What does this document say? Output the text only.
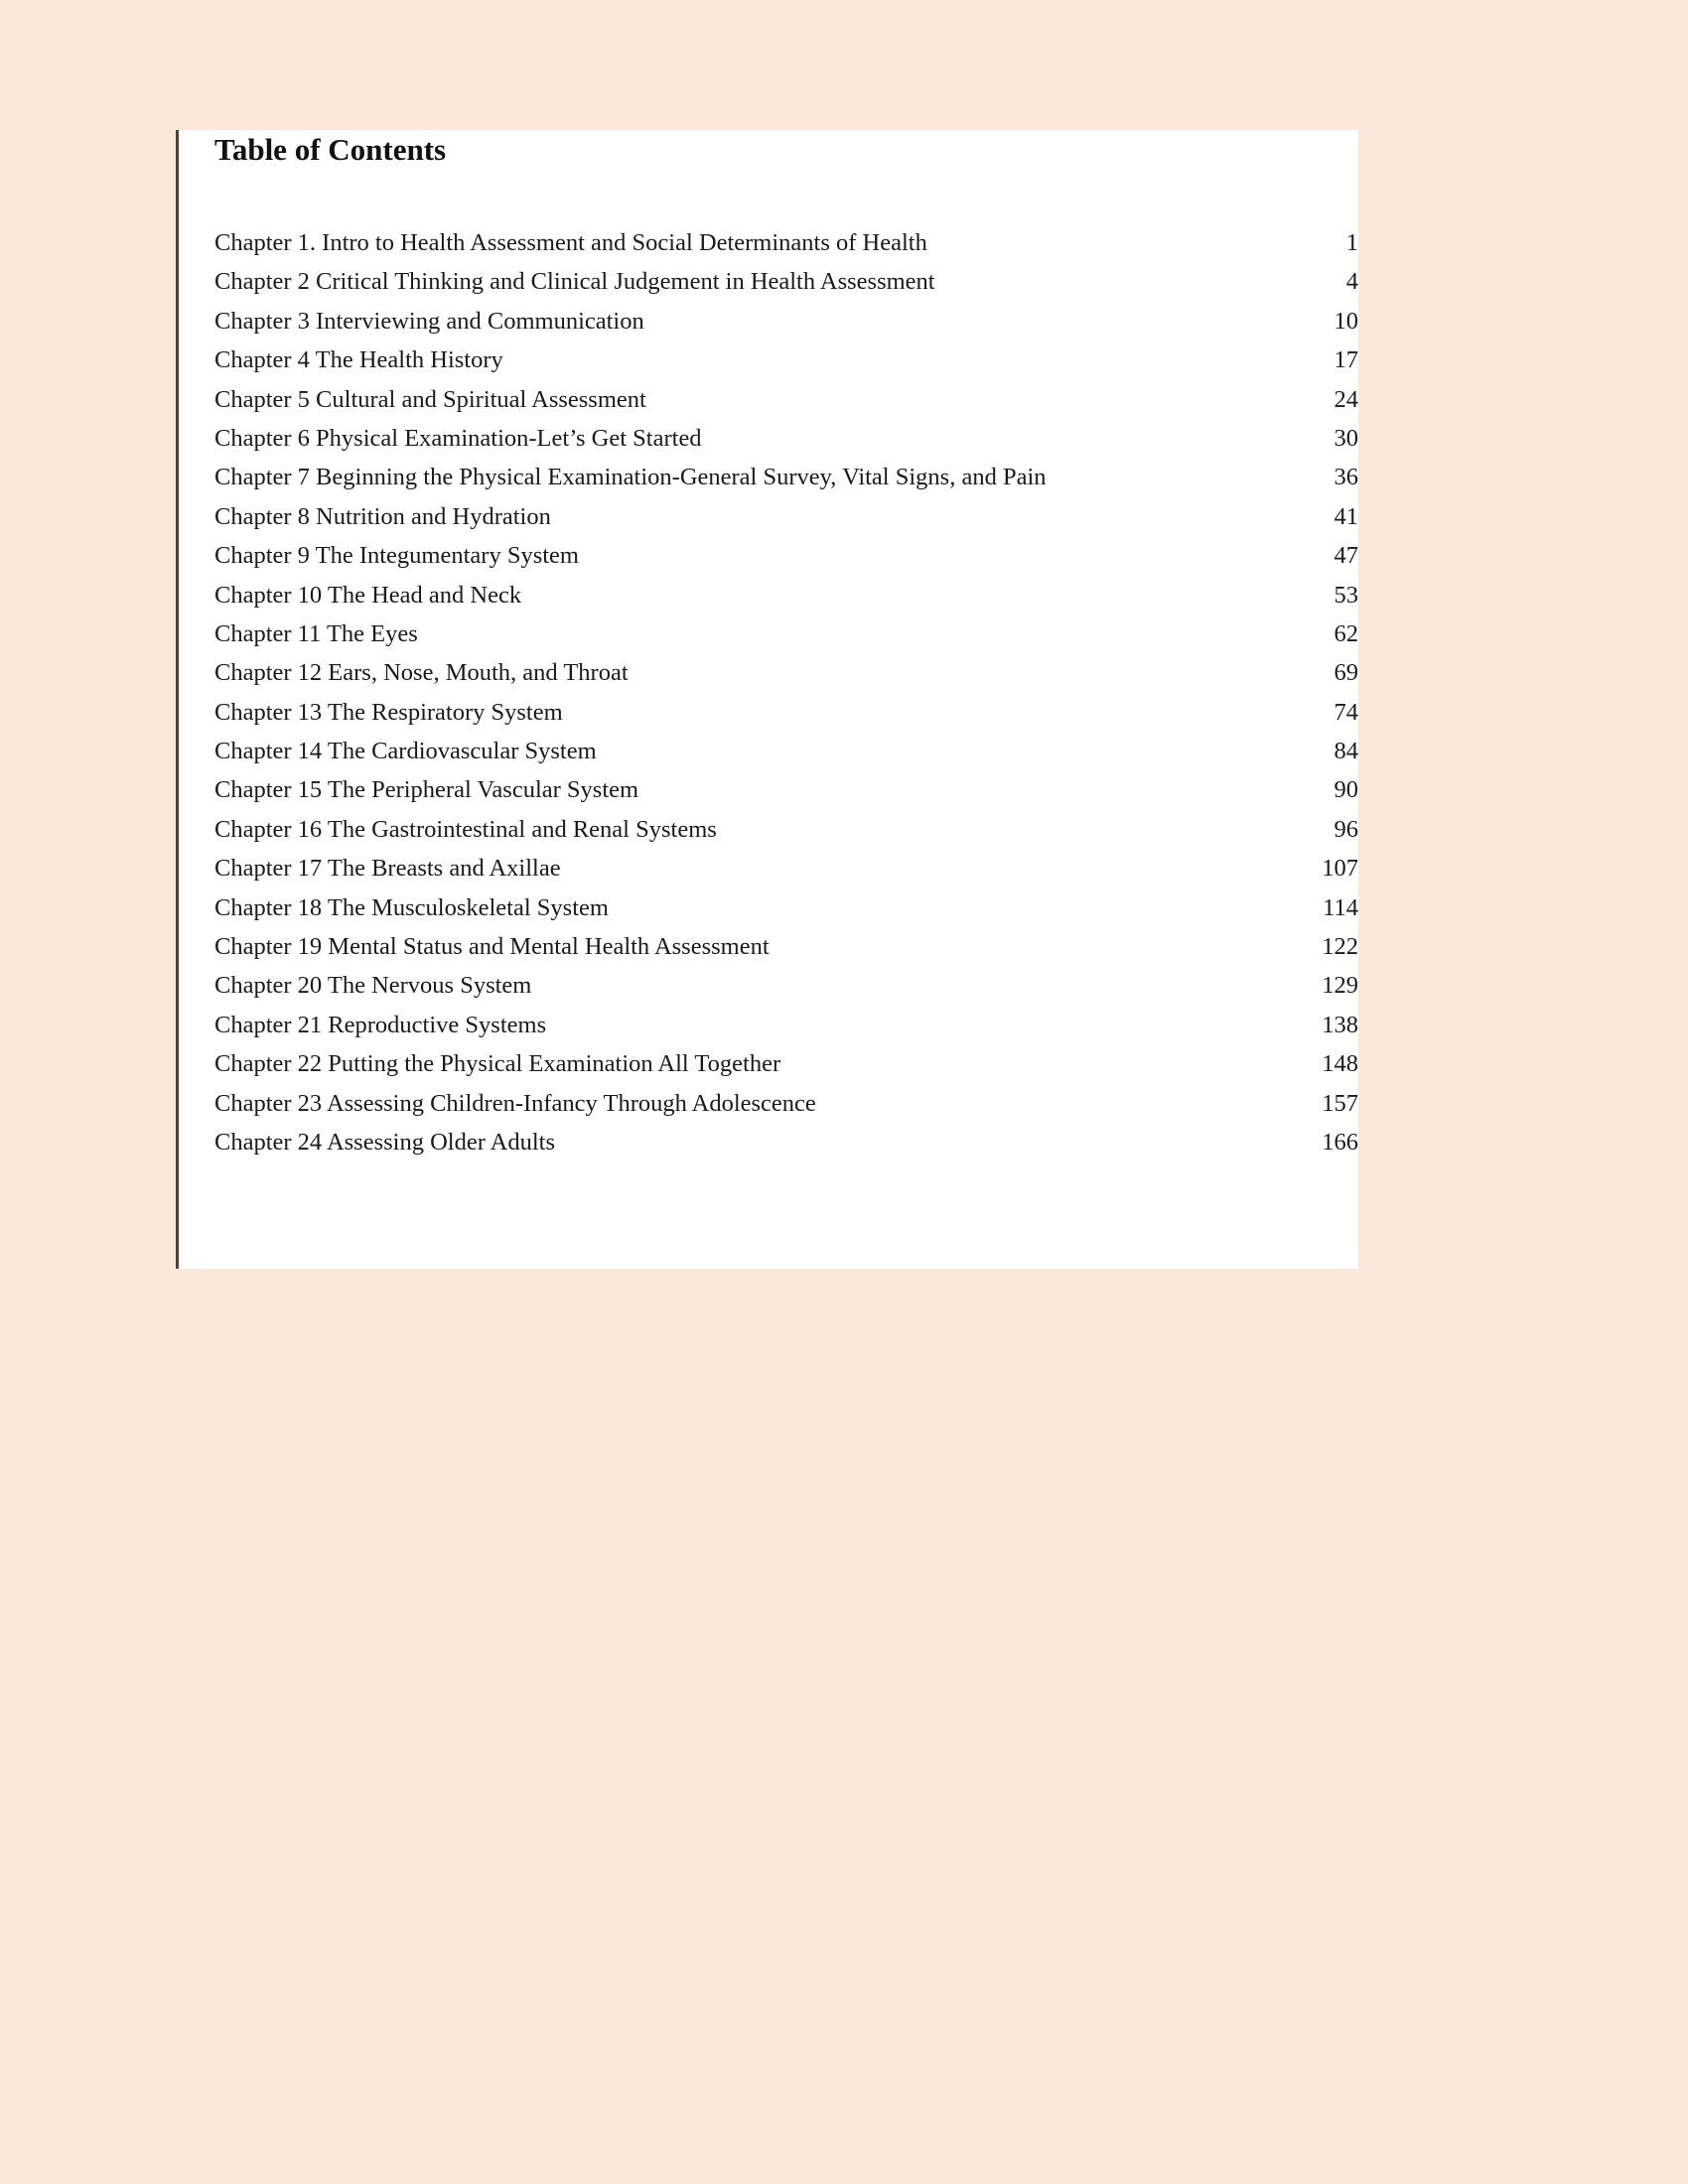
Table of Contents
Chapter 1. Intro to Health Assessment and Social Determinants of Health	1
Chapter 2 Critical Thinking and Clinical Judgement in Health Assessment	4
Chapter 3 Interviewing and Communication	10
Chapter 4 The Health History	17
Chapter 5 Cultural and Spiritual Assessment	24
Chapter 6 Physical Examination-Let’s Get Started	30
Chapter 7 Beginning the Physical Examination-General Survey, Vital Signs, and Pain	36
Chapter 8 Nutrition and Hydration	41
Chapter 9 The Integumentary System	47
Chapter 10 The Head and Neck	53
Chapter 11 The Eyes	62
Chapter 12 Ears, Nose, Mouth, and Throat	69
Chapter 13 The Respiratory System	74
Chapter 14 The Cardiovascular System	84
Chapter 15 The Peripheral Vascular System	90
Chapter 16 The Gastrointestinal and Renal Systems	96
Chapter 17 The Breasts and Axillae	107
Chapter 18 The Musculoskeletal System	114
Chapter 19 Mental Status and Mental Health Assessment	122
Chapter 20 The Nervous System	129
Chapter 21 Reproductive Systems	138
Chapter 22 Putting the Physical Examination All Together	148
Chapter 23 Assessing Children-Infancy Through Adolescence	157
Chapter 24 Assessing Older Adults	166
